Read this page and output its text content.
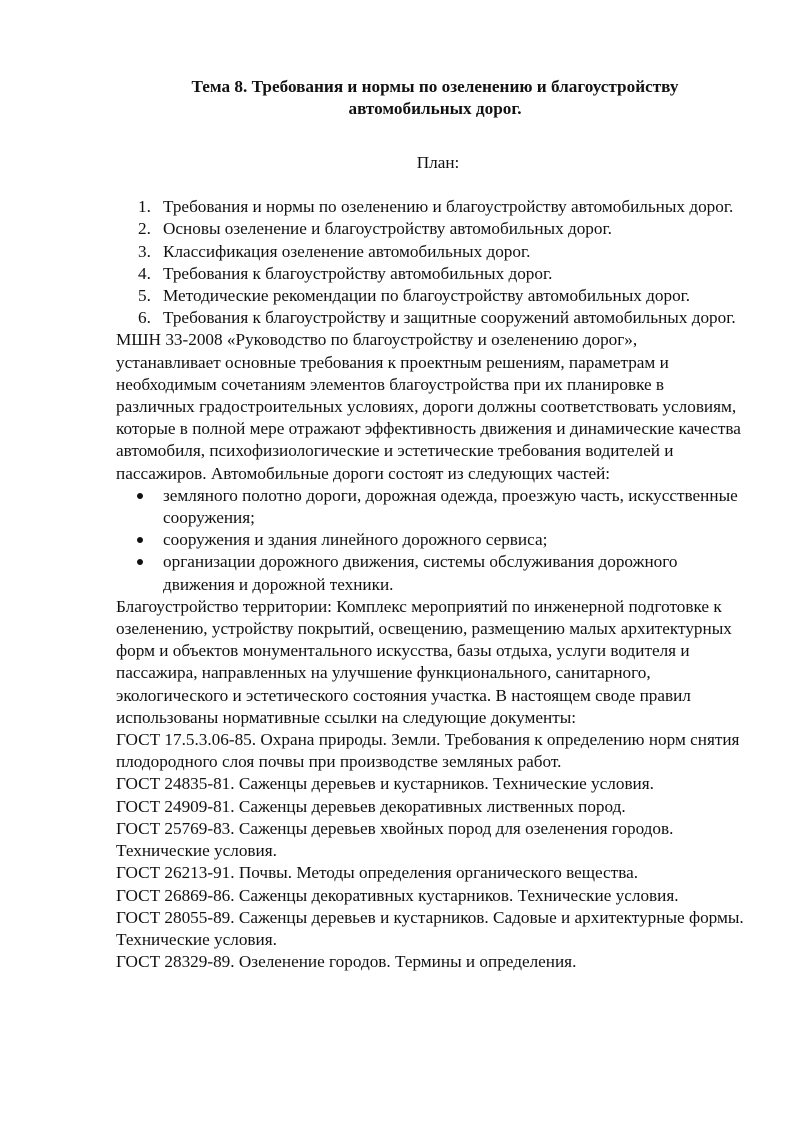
Тема 8. Требования и нормы по озеленению и благоустройству
автомобильных дорог.
План:
1. Требования и нормы по озеленению и благоустройству автомобильных дорог.
2. Основы озеленение и благоустройству автомобильных дорог.
3. Классификация озеленение автомобильных дорог.
4. Требования к благоустройству автомобильных дорог.
5. Методические рекомендации по благоустройству автомобильных дорог.
6. Требования к благоустройству и защитные сооружений автомобильных дорог.

МШН 33-2008 «Руководство по благоустройству и озеленению дорог», устанавливает основные требования к проектным решениям, параметрам и необходимым сочетаниям элементов благоустройства при их планировке в различных градостроительных условиях, дороги должны соответствовать условиям, которые в полной мере отражают эффективность движения и динамические качества автомобиля, психофизиологические и эстетические требования водителей и пассажиров. Автомобильные дороги состоят из следующих частей:

земляного полотно дороги, дорожная одежда, проезжую часть, искусственные сооружения;
сооружения и здания линейного дорожного сервиса;
организации дорожного движения, системы обслуживания дорожного движения и дорожной техники.

Благоустройство территории: Комплекс мероприятий по инженерной подготовке к озеленению, устройству покрытий, освещению, размещению малых архитектурных форм и объектов монументального искусства, базы отдыха, услуги водителя и пассажира, направленных на улучшение функционального, санитарного, экологического и эстетического состояния участка. В настоящем своде правил использованы нормативные ссылки на следующие документы:

ГОСТ 17.5.3.06-85. Охрана природы. Земли. Требования к определению норм снятия плодородного слоя почвы при производстве земляных работ.

ГОСТ 24835-81. Саженцы деревьев и кустарников. Технические условия.

ГОСТ 24909-81. Саженцы деревьев декоративных лиственных пород.

ГОСТ 25769-83. Саженцы деревьев хвойных пород для озеленения городов. Технические условия.

ГОСТ 26213-91. Почвы. Методы определения органического вещества.

ГОСТ 26869-86. Саженцы декоративных кустарников. Технические условия.

ГОСТ 28055-89. Саженцы деревьев и кустарников. Садовые и архитектурные формы. Технические условия.

ГОСТ 28329-89. Озеленение городов. Термины и определения.
